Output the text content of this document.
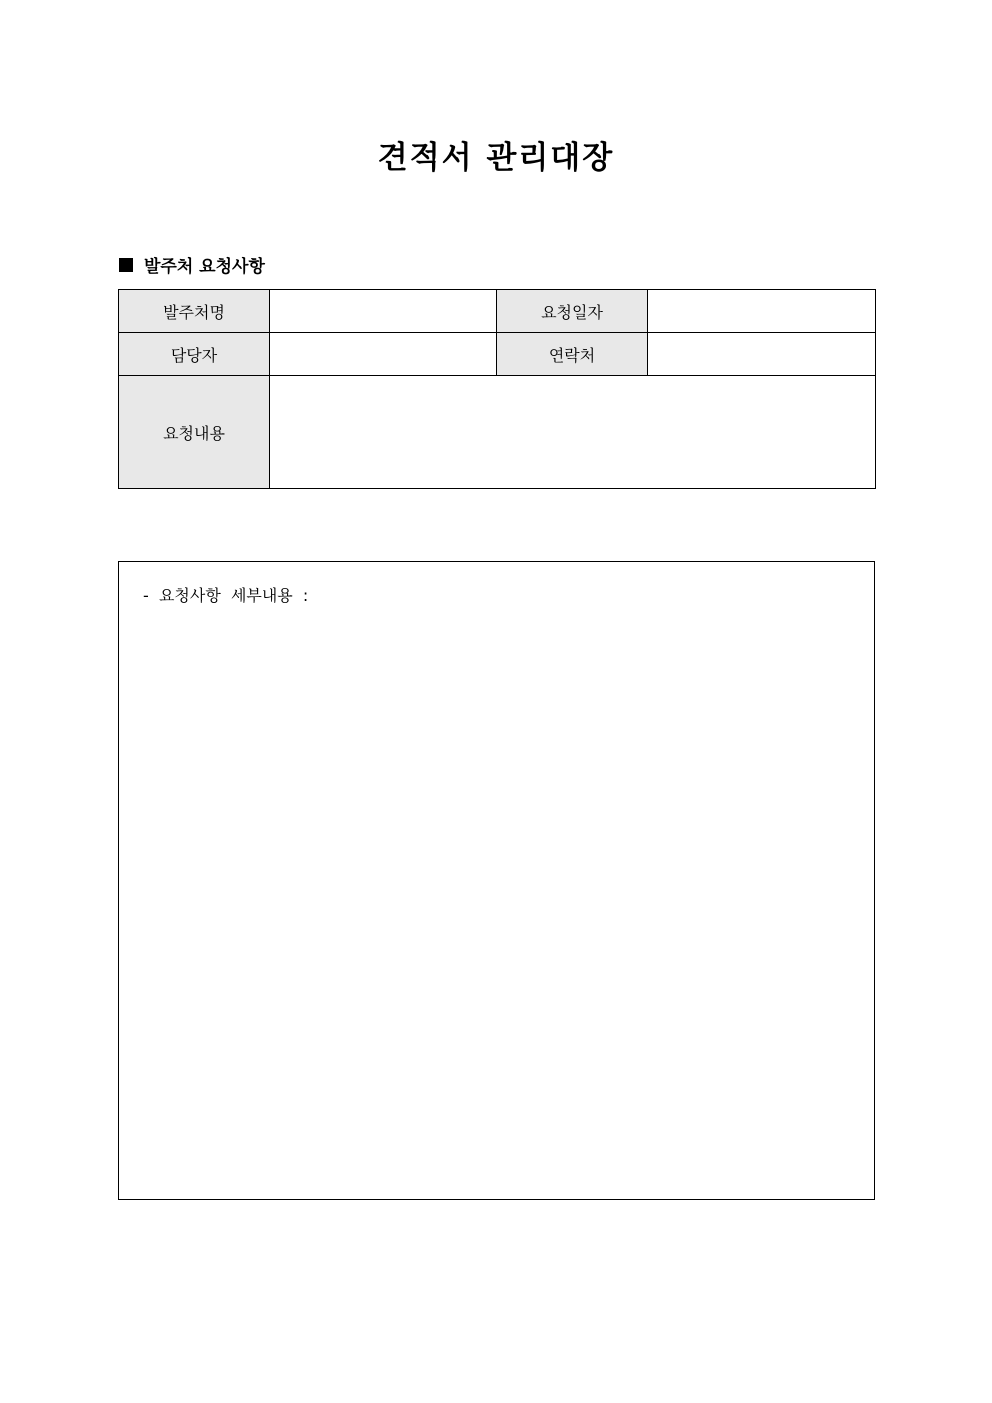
견적서 관리대장
발주처 요청사항
발주처명		요청일자	
담당자		연락처	
요청내용			
-  요청사항  세부내용  :
